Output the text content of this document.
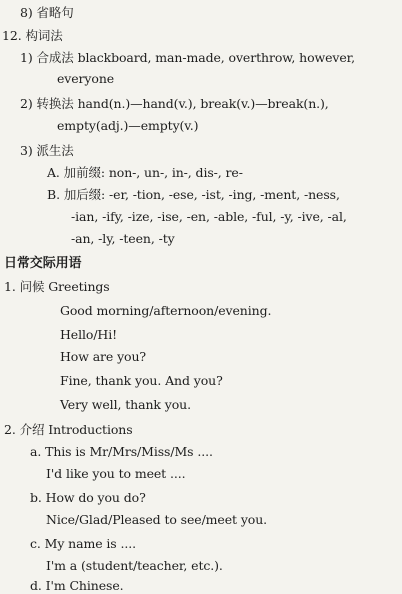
8) 省略句
12. 构词法
1) 合成法 blackboard, man-made, overthrow, however,
everyone
2) 转换法 hand(n.)—hand(v.), break(v.)—break(n.),
empty(adj.)—empty(v.)
3) 派生法
A. 加前缀: non-, un-, in-, dis-, re-
B. 加后缀: -er, -tion, -ese, -ist, -ing, -ment, -ness,
-ian, -ify, -ize, -ise, -en, -able, -ful, -y, -ive, -al,
-an, -ly, -teen, -ty
日常交际用语
1. 问候 Greetings
Good morning/afternoon/evening.
Hello/Hi!
How are you?
Fine, thank you. And you?
Very well, thank you.
2. 介绍 Introductions
a. This is Mr/Mrs/Miss/Ms ....
I'd like you to meet ....
b. How do you do?
Nice/Glad/Pleased to see/meet you.
c. My name is ....
I'm a (student/teacher, etc.).
d. I'm Chinese.
